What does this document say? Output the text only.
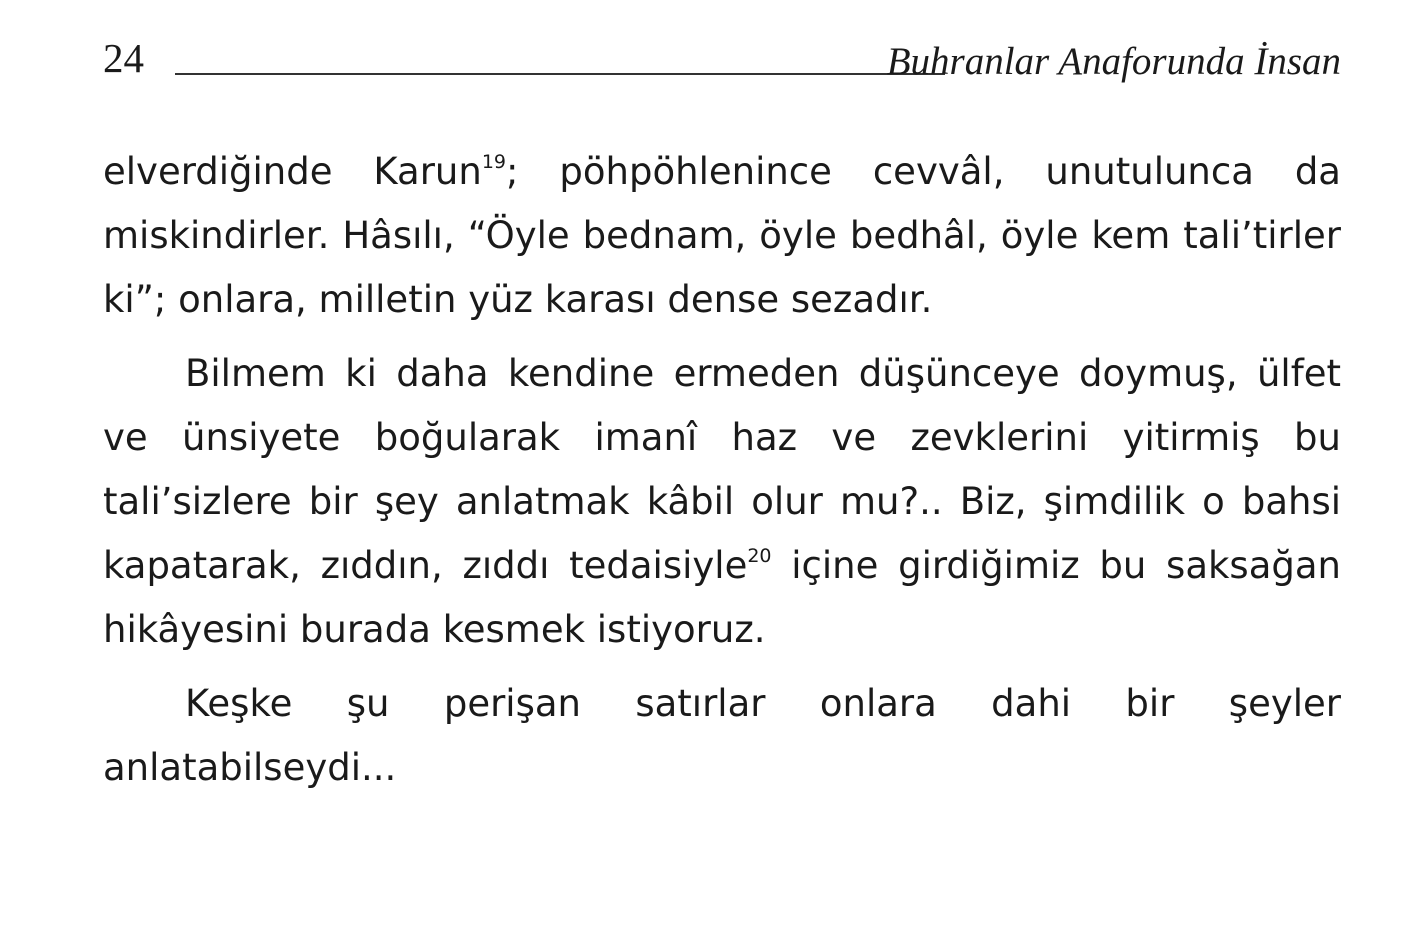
24	Buhranlar Anaforunda İnsan

elverdiğinde Karun$^{19}$; pöhpöhlenince cevvâl, unutulunca da miskindirler. Hâsılı, “Öyle bednam, öyle bedhâl, öyle kem tali’tirler ki”; onlara, milletin yüz karası dense sezadır.

Bilmem ki daha kendine ermeden düşünceye doymuş, ülfet ve ünsiyete boğularak imanî haz ve zevklerini yitirmiş bu tali’sizlere bir şey anlatmak kâbil olur mu?.. Biz, şimdilik o bahsi kapatarak, zıddın, zıddı tedaisiyle$^{20}$ içine girdiğimiz bu saksağan hikâyesini burada kesmek istiyoruz.

Keşke şu perişan satırlar onlara dahi bir şeyler anlatabilseydi...
